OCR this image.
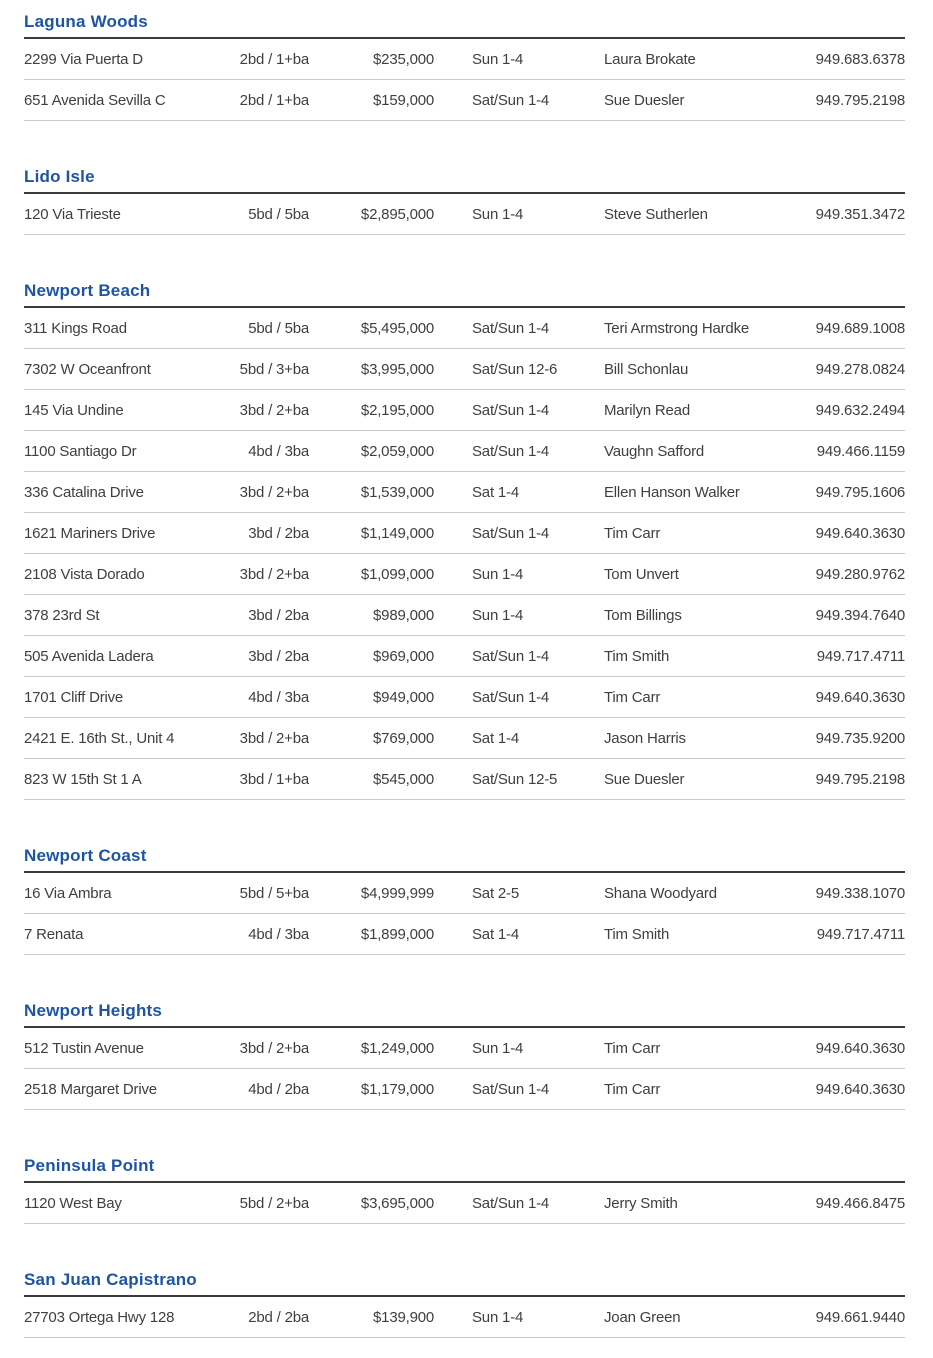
Laguna Woods
2299 Via Puerta D	2bd / 1+ba	$235,000	Sun 1-4	Laura Brokate	949.683.6378
651 Avenida Sevilla C	2bd / 1+ba	$159,000	Sat/Sun 1-4	Sue Duesler	949.795.2198
Lido Isle
120 Via Trieste	5bd / 5ba	$2,895,000	Sun 1-4	Steve Sutherlen	949.351.3472
Newport Beach
311 Kings Road	5bd / 5ba	$5,495,000	Sat/Sun 1-4	Teri Armstrong Hardke	949.689.1008
7302 W Oceanfront	5bd / 3+ba	$3,995,000	Sat/Sun 12-6	Bill Schonlau	949.278.0824
145 Via Undine	3bd / 2+ba	$2,195,000	Sat/Sun 1-4	Marilyn Read	949.632.2494
1100 Santiago Dr	4bd / 3ba	$2,059,000	Sat/Sun 1-4	Vaughn Safford	949.466.1159
336 Catalina Drive	3bd / 2+ba	$1,539,000	Sat 1-4	Ellen Hanson Walker	949.795.1606
1621 Mariners Drive	3bd / 2ba	$1,149,000	Sat/Sun 1-4	Tim Carr	949.640.3630
2108 Vista Dorado	3bd / 2+ba	$1,099,000	Sun 1-4	Tom Unvert	949.280.9762
378 23rd St	3bd / 2ba	$989,000	Sun 1-4	Tom Billings	949.394.7640
505 Avenida Ladera	3bd / 2ba	$969,000	Sat/Sun 1-4	Tim Smith	949.717.4711
1701 Cliff Drive	4bd / 3ba	$949,000	Sat/Sun 1-4	Tim Carr	949.640.3630
2421 E. 16th St., Unit 4	3bd / 2+ba	$769,000	Sat 1-4	Jason Harris	949.735.9200
823 W 15th St 1 A	3bd / 1+ba	$545,000	Sat/Sun 12-5	Sue Duesler	949.795.2198
Newport Coast
16 Via Ambra	5bd / 5+ba	$4,999,999	Sat 2-5	Shana Woodyard	949.338.1070
7 Renata	4bd / 3ba	$1,899,000	Sat 1-4	Tim Smith	949.717.4711
Newport Heights
512 Tustin Avenue	3bd / 2+ba	$1,249,000	Sun 1-4	Tim Carr	949.640.3630
2518 Margaret Drive	4bd / 2ba	$1,179,000	Sat/Sun 1-4	Tim Carr	949.640.3630
Peninsula Point
1120 West Bay	5bd / 2+ba	$3,695,000	Sat/Sun 1-4	Jerry Smith	949.466.8475
San Juan Capistrano
27703 Ortega Hwy 128	2bd / 2ba	$139,900	Sun 1-4	Joan Green	949.661.9440
